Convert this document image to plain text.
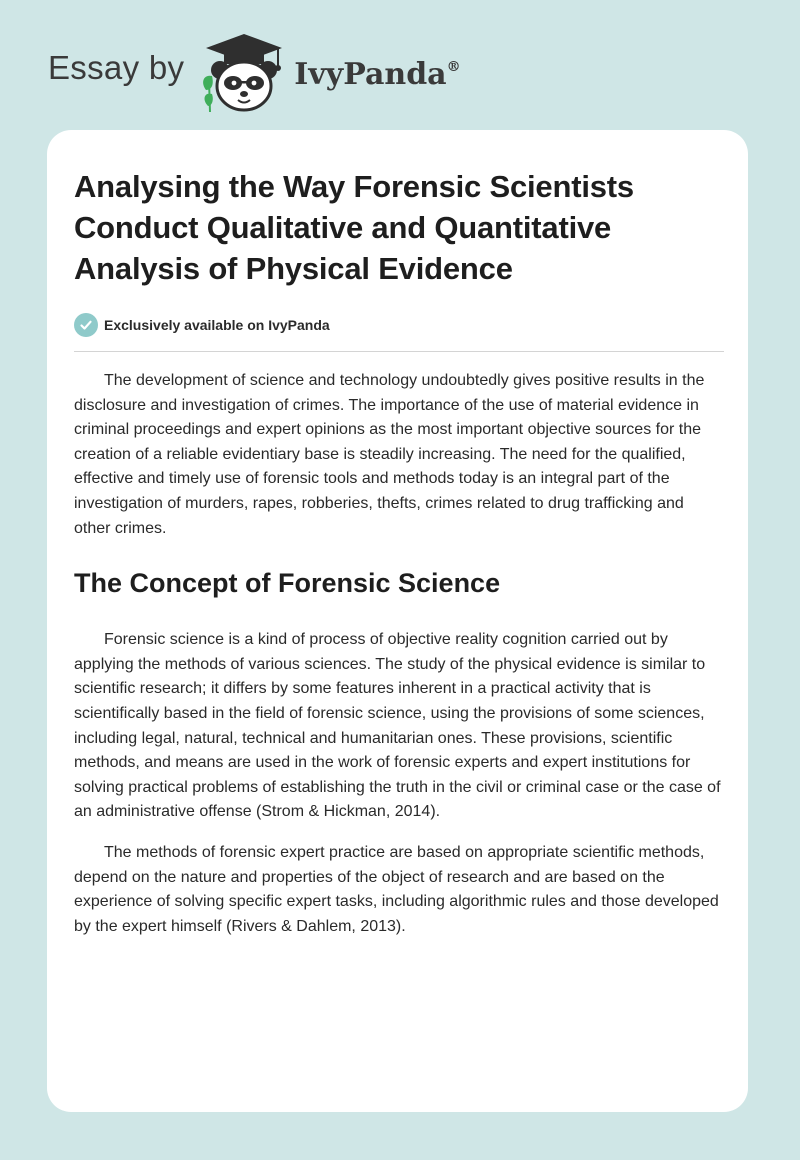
Essay by	IvyPanda®
Analysing the Way Forensic Scientists Conduct Qualitative and Quantitative Analysis of Physical Evidence
Exclusively available on IvyPanda

The development of science and technology undoubtedly gives positive results in the disclosure and investigation of crimes. The importance of the use of material evidence in criminal proceedings and expert opinions as the most important objective sources for the creation of a reliable evidentiary base is steadily increasing. The need for the qualified, effective and timely use of forensic tools and methods today is an integral part of the investigation of murders, rapes, robberies, thefts, crimes related to drug trafficking and other crimes.

The Concept of Forensic Science

Forensic science is a kind of process of objective reality cognition carried out by applying the methods of various sciences. The study of the physical evidence is similar to scientific research; it differs by some features inherent in a practical activity that is scientifically based in the field of forensic science, using the provisions of some sciences, including legal, natural, technical and humanitarian ones. These provisions, scientific methods, and means are used in the work of forensic experts and expert institutions for solving practical problems of establishing the truth in the civil or criminal case or the case of an administrative offense (Strom & Hickman, 2014).

The methods of forensic expert practice are based on appropriate scientific methods, depend on the nature and properties of the object of research and are based on the experience of solving specific expert tasks, including algorithmic rules and those developed by the expert himself (Rivers & Dahlem, 2013).
